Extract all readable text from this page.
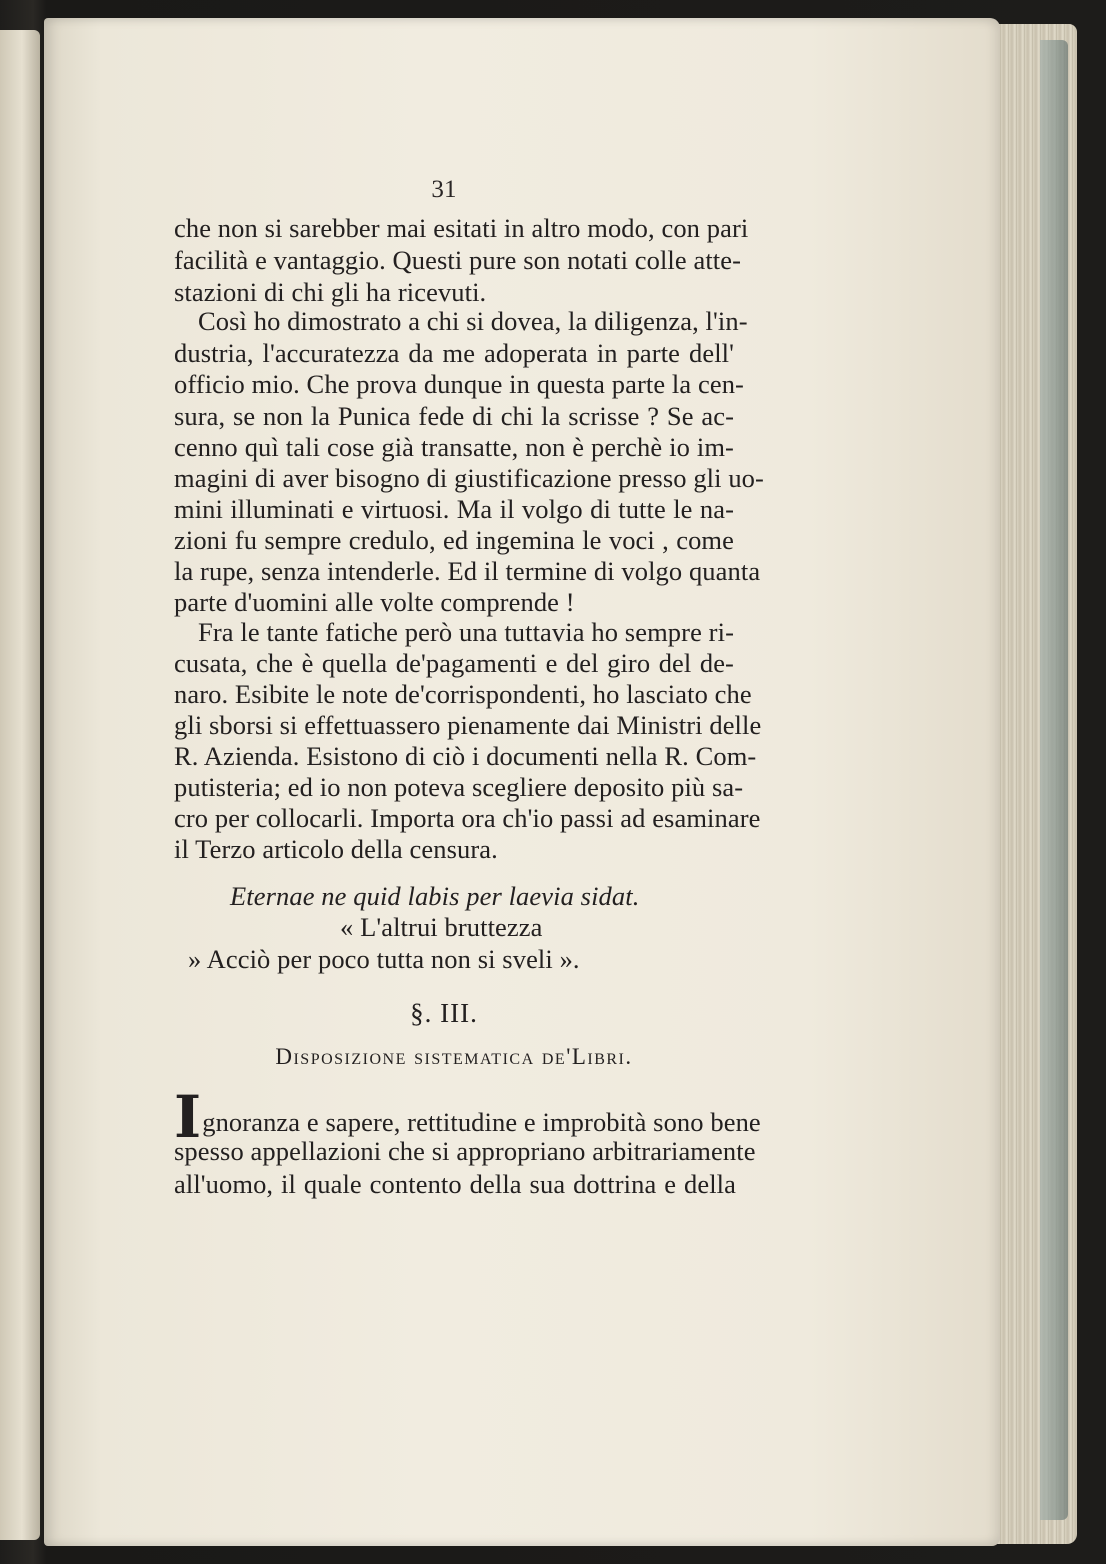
31
che non si sarebber mai esitati in altro modo, con pari
facilità e vantaggio. Questi pure son notati colle atte-
stazioni di chi gli ha ricevuti.
Così ho dimostrato a chi si dovea, la diligenza, l'in-
dustria, l'accuratezza da me adoperata in parte dell'
officio mio. Che prova dunque in questa parte la cen-
sura, se non la Punica fede di chi la scrisse ? Se ac-
cenno quì tali cose già transatte, non è perchè io im-
magini di aver bisogno di giustificazione presso gli uo-
mini illuminati e virtuosi. Ma il volgo di tutte le na-
zioni fu sempre credulo, ed ingemina le voci , come
la rupe, senza intenderle. Ed il termine di volgo quanta
parte d'uomini alle volte comprende !
Fra le tante fatiche però una tuttavia ho sempre ri-
cusata, che è quella de'pagamenti e del giro del de-
naro. Esibite le note de'corrispondenti, ho lasciato che
gli sborsi si effettuassero pienamente dai Ministri delle
R. Azienda. Esistono di ciò i documenti nella R. Com-
putisteria; ed io non poteva scegliere deposito più sa-
cro per collocarli. Importa ora ch'io passi ad esaminare
il Terzo articolo della censura.
Eternae ne quid labis per laevia sidat.
« L'altrui bruttezza
» Acciò per poco tutta non si sveli ».
§. III.
Disposizione sistematica de'Libri.
Ignoranza e sapere, rettitudine e improbità sono bene
spesso appellazioni che si appropriano arbitrariamente
all'uomo, il quale contento della sua dottrina e della
